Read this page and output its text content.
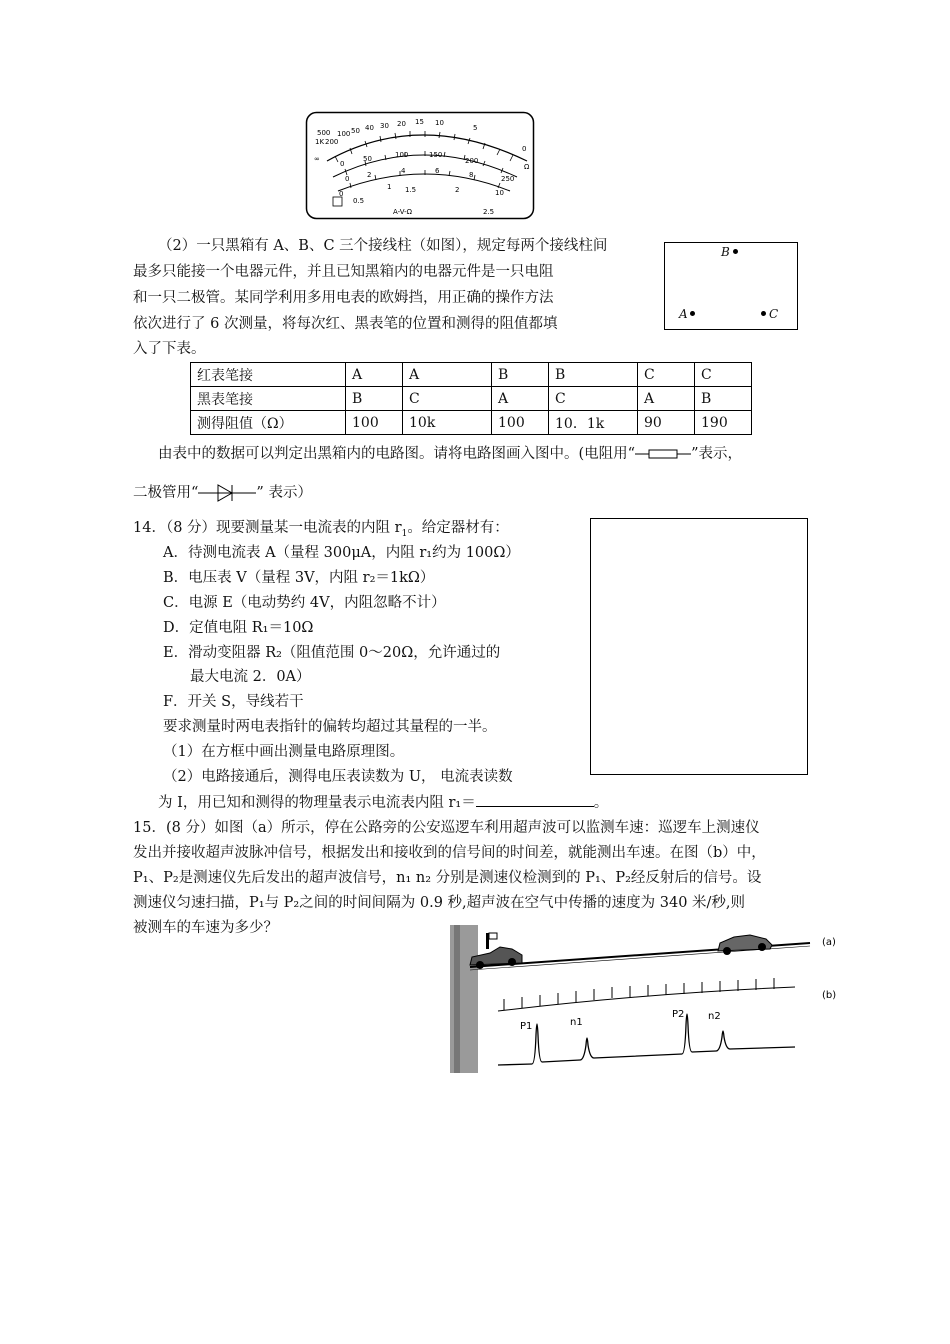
500
1K 200
100 50 40 30 20 15 10
5
0
Ω
∞
0
50	100	150
200
250
0	2	4	6	8
10
0
0.5
1 1.5	2
2.5
A-V-Ω
（2）一只黑箱有 A、B、C 三个接线柱（如图），规定每两个接线柱间
最多只能接一个电器元件，并且已知黑箱内的电器元件是一只电阻
和一只二极管。某同学利用多用电表的欧姆挡，用正确的操作方法
依次进行了 6 次测量，将每次红、黑表笔的位置和测得的阻值都填
入了下表。
B
A	C
红表笔接	A	A	B	B	C	C
黑表笔接	B	C	A	C	A	B
测得阻值（Ω）	100	10k	100	10．1k	90	190
由表中的数据可以判定出黑箱内的电路图。请将电路图画入图中。(电阻用“	”表示，
二极管用“	” 表示）
14．（8 分）现要测量某一电流表的内阻 $r_1$。给定器材有：
A．待测电流表 A（量程 300μA，内阻 r₁约为 100Ω）
B．电压表 V（量程 3V，内阻 r₂＝1kΩ）
C．电源 E（电动势约 4V，内阻忽略不计）
D．定值电阻 R₁＝10Ω
E．滑动变阻器 R₂（阻值范围 0～20Ω，允许通过的
最大电流 2．0A）
F．开关 S，导线若干
要求测量时两电表指针的偏转均超过其量程的一半。
（1）在方框中画出测量电路原理图。
（2）电路接通后，测得电压表读数为 U， 电流表读数
为 I，用已知和测得的物理量表示电流表内阻 r₁＝	。
15．(8 分）如图（a）所示，停在公路旁的公安巡逻车利用超声波可以监测车速：巡逻车上测速仪
发出并接收超声波脉冲信号，根据发出和接收到的信号间的时间差，就能测出车速。在图（b）中，
P₁、P₂是测速仪先后发出的超声波信号，n₁ n₂ 分别是测速仪检测到的 P₁、P₂经反射后的信号。设
测速仪匀速扫描，P₁与 P₂之间的时间间隔为 0.9 秒,超声波在空气中传播的速度为 340 米/秒,则
被测车的车速为多少？
(a)
(b)
P1	n1
P2 n2
